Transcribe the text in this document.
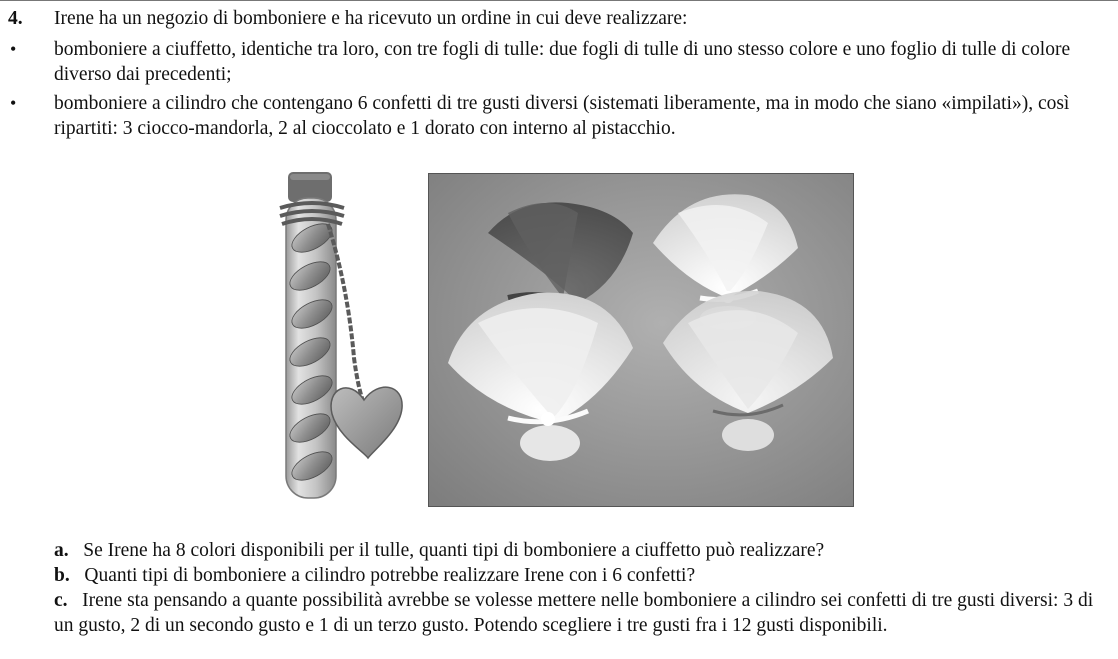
4. Irene ha un negozio di bomboniere e ha ricevuto un ordine in cui deve realizzare:
• bomboniere a ciuffetto, identiche tra loro, con tre fogli di tulle: due fogli di tulle di uno stesso colore e uno foglio di tulle di colore diverso dai precedenti;
• bomboniere a cilindro che contengano 6 confetti di tre gusti diversi (sistemati liberamente, ma in modo che siano «impilati»), così ripartiti: 3 ciocco-mandorla, 2 al cioccolato e 1 dorato con interno al pistacchio.
a. Se Irene ha 8 colori disponibili per il tulle, quanti tipi di bomboniere a ciuffetto può realizzare?
b. Quanti tipi di bomboniere a cilindro potrebbe realizzare Irene con i 6 confetti?
c. Irene sta pensando a quante possibilità avrebbe se volesse mettere nelle bomboniere a cilindro sei confetti di tre gusti diversi: 3 di un gusto, 2 di un secondo gusto e 1 di un terzo gusto. Potendo scegliere i tre gusti fra i 12 gusti disponibili.
